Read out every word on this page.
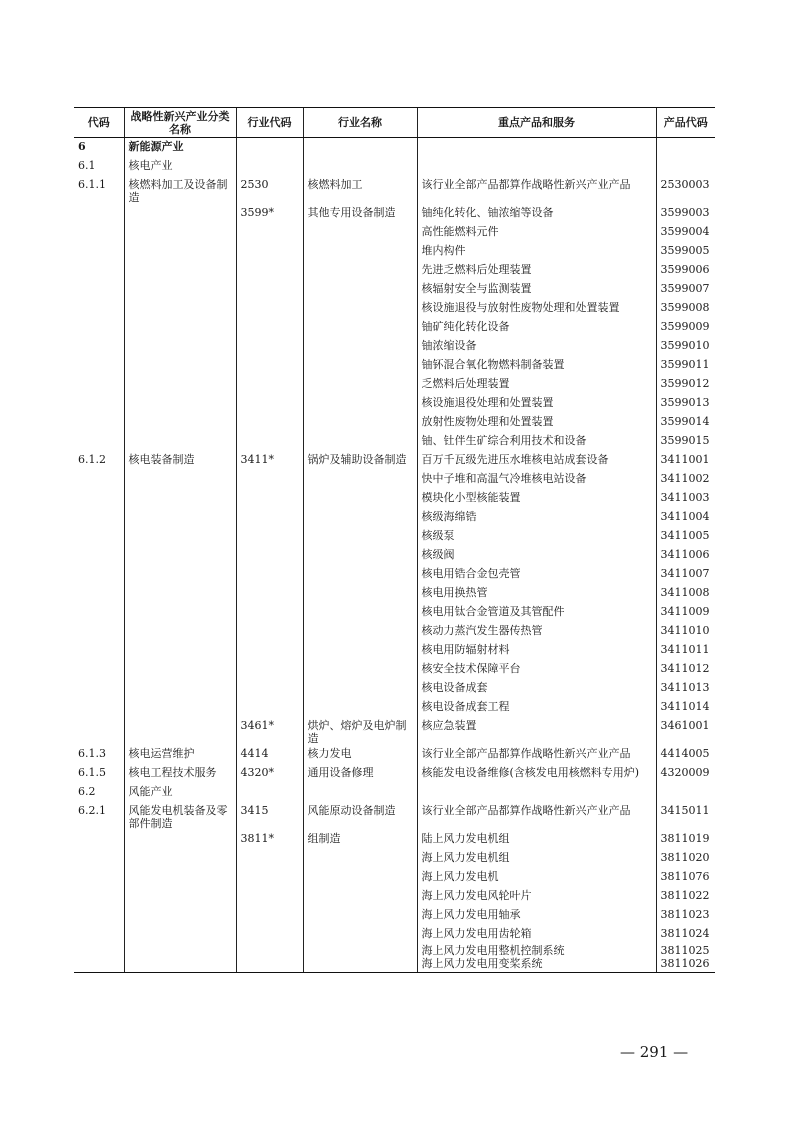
代码	战略性新兴产业分类名称	行业代码	行业名称	重点产品和服务	产品代码
6	新能源产业				
6.1	核电产业				
6.1.1	核燃料加工及设备制造	2530	核燃料加工	该行业全部产品都算作战略性新兴产业产品	2530003
		3599*	其他专用设备制造	铀纯化转化、铀浓缩等设备	3599003
				高性能燃料元件	3599004
				堆内构件	3599005
				先进乏燃料后处理装置	3599006
				核辐射安全与监测装置	3599007
				核设施退役与放射性废物处理和处置装置	3599008
				铀矿纯化转化设备	3599009
				铀浓缩设备	3599010
				铀钚混合氧化物燃料制备装置	3599011
				乏燃料后处理装置	3599012
				核设施退役处理和处置装置	3599013
				放射性废物处理和处置装置	3599014
				铀、钍伴生矿综合利用技术和设备	3599015
6.1.2	核电装备制造	3411*	锅炉及辅助设备制造	百万千瓦级先进压水堆核电站成套设备	3411001
				快中子堆和高温气冷堆核电站设备	3411002
				模块化小型核能装置	3411003
				核级海绵锆	3411004
				核级泵	3411005
				核级阀	3411006
				核电用锆合金包壳管	3411007
				核电用换热管	3411008
				核电用钛合金管道及其管配件	3411009
				核动力蒸汽发生器传热管	3411010
				核电用防辐射材料	3411011
				核安全技术保障平台	3411012
				核电设备成套	3411013
				核电设备成套工程	3411014
		3461*	烘炉、熔炉及电炉制造	核应急装置	3461001
6.1.3	核电运营维护	4414	核力发电	该行业全部产品都算作战略性新兴产业产品	4414005
6.1.5	核电工程技术服务	4320*	通用设备修理	核能发电设备维修(含核发电用核燃料专用炉)	4320009
6.2	风能产业				
6.2.1	风能发电机装备及零部件制造	3415	风能原动设备制造	该行业全部产品都算作战略性新兴产业产品	3415011
		3811*	组制造	陆上风力发电机组	3811019
				海上风力发电机组	3811020
				海上风力发电机	3811076
				海上风力发电风轮叶片	3811022
				海上风力发电用轴承	3811023
				海上风力发电用齿轮箱	3811024
				海上风力发电用整机控制系统	3811025
				海上风力发电用变桨系统	3811026
— 291 —
